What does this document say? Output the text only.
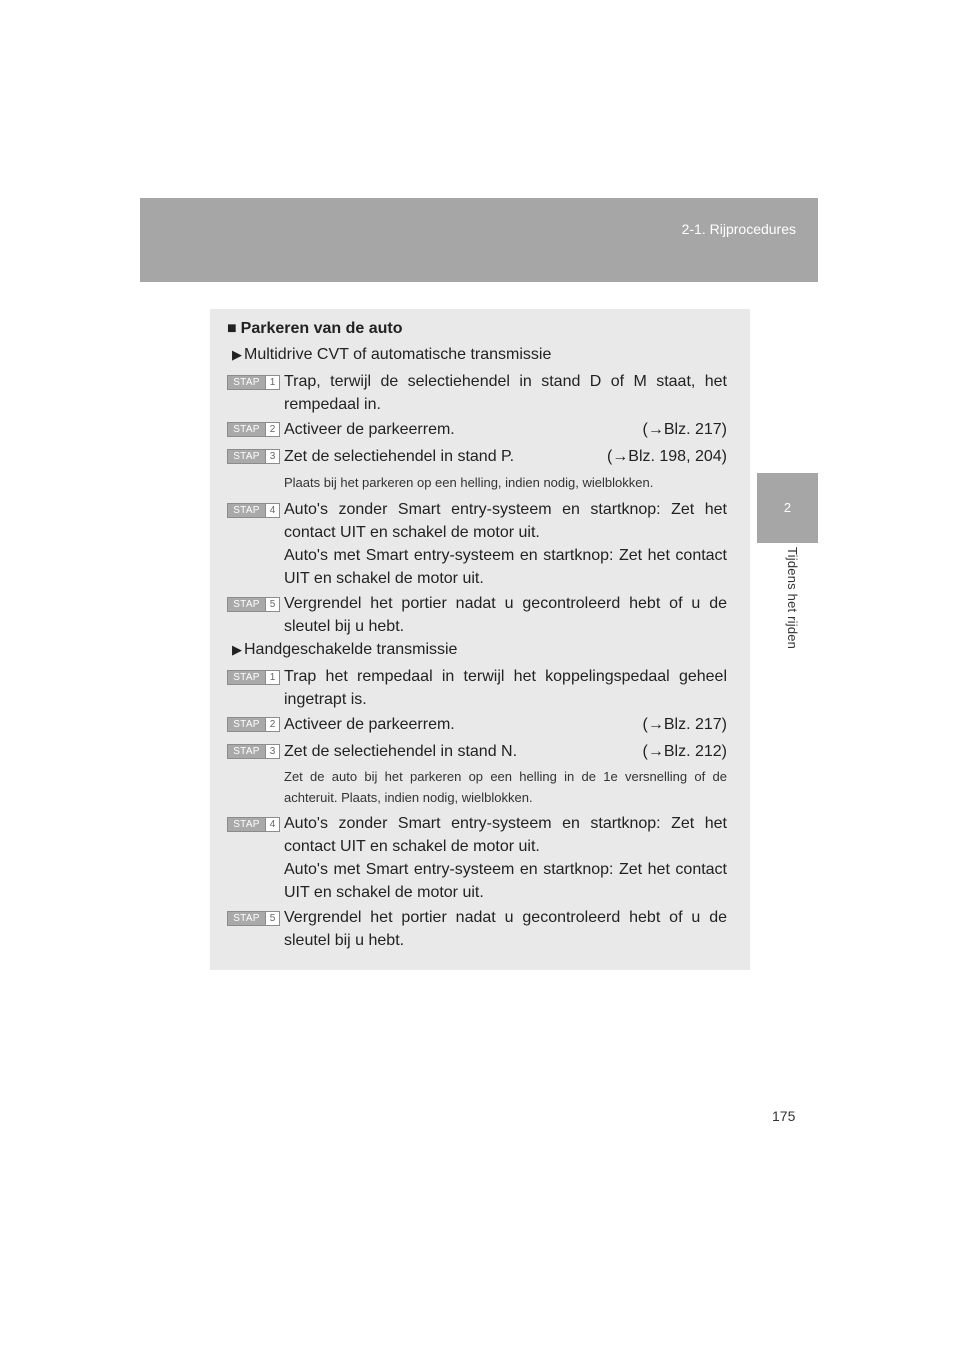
2-1. Rijprocedures
2
Tijdens het rijden
■ Parkeren van de auto
▶ Multidrive CVT of automatische transmissie
STAP 1 Trap, terwijl de selectiehendel in stand D of M staat, het rempedaal in.
STAP 2 Activeer de parkeerrem.	(→Blz. 217)
STAP 3 Zet de selectiehendel in stand P.	(→Blz. 198, 204)
Plaats bij het parkeren op een helling, indien nodig, wielblokken.
STAP 4 Auto's zonder Smart entry-systeem en startknop: Zet het contact UIT en schakel de motor uit.
Auto's met Smart entry-systeem en startknop: Zet het contact UIT en schakel de motor uit.
STAP 5 Vergrendel het portier nadat u gecontroleerd hebt of u de sleutel bij u hebt.
▶ Handgeschakelde transmissie
STAP 1 Trap het rempedaal in terwijl het koppelingspedaal geheel ingetrapt is.
STAP 2 Activeer de parkeerrem.	(→Blz. 217)
STAP 3 Zet de selectiehendel in stand N.	(→Blz. 212)
Zet de auto bij het parkeren op een helling in de 1e versnelling of de achteruit. Plaats, indien nodig, wielblokken.
STAP 4 Auto's zonder Smart entry-systeem en startknop: Zet het contact UIT en schakel de motor uit.
Auto's met Smart entry-systeem en startknop: Zet het contact UIT en schakel de motor uit.
STAP 5 Vergrendel het portier nadat u gecontroleerd hebt of u de sleutel bij u hebt.
175
